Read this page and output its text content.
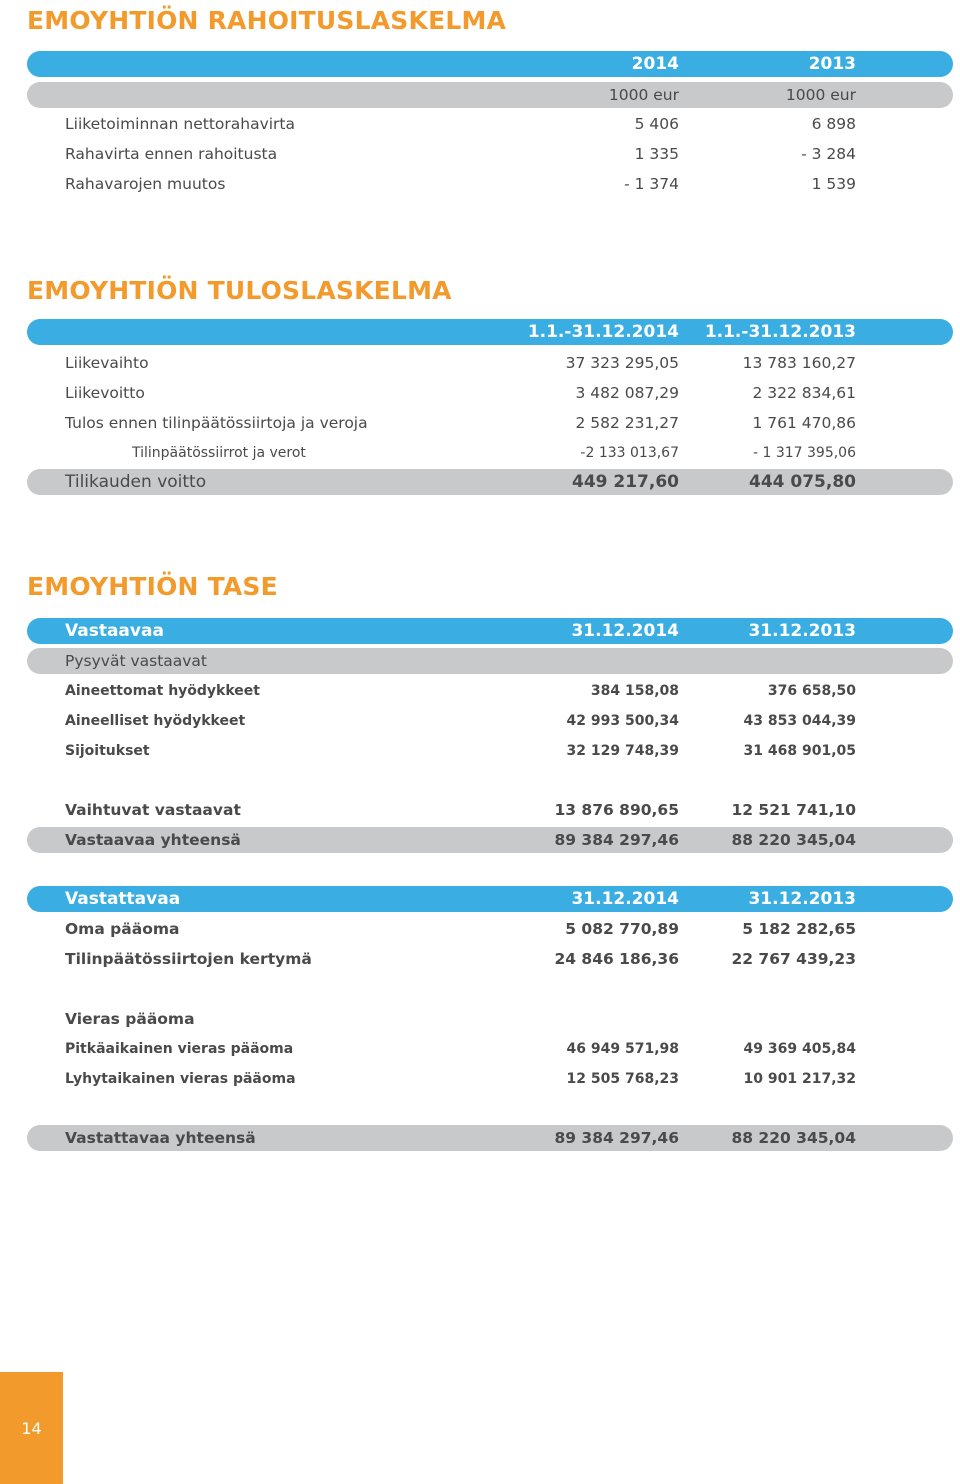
EMOYHTIÖN RAHOITUSLASKELMA
2014	2013
1000 eur	1000 eur
Liiketoiminnan nettorahavirta	5 406	6 898
Rahavirta ennen rahoitusta	1 335	- 3 284
Rahavarojen muutos	- 1 374	1 539
EMOYHTIÖN TULOSLASKELMA
1.1.-31.12.2014 1.1.-31.12.2013
Liikevaihto	37 323 295,05	13 783 160,27
Liikevoitto	3 482 087,29	2 322 834,61
Tulos ennen tilinpäätössiirtoja ja veroja	2 582 231,27	1 761 470,86
Tilinpäätössiirrot ja verot	-2 133 013,67	- 1 317 395,06
Tilikauden voitto	449 217,60	444 075,80
EMOYHTIÖN TASE
Vastaavaa	31.12.2014	31.12.2013
Pysyvät vastaavat
Aineettomat hyödykkeet	384 158,08	376 658,50
Aineelliset hyödykkeet	42 993 500,34	43 853 044,39
Sijoitukset	32 129 748,39	31 468 901,05
Vaihtuvat vastaavat	13 876 890,65	12 521 741,10
Vastaavaa yhteensä	89 384 297,46	88 220 345,04
Vastattavaa	31.12.2014	31.12.2013
Oma pääoma	5 082 770,89	5 182 282,65
Tilinpäätössiirtojen kertymä	24 846 186,36	22 767 439,23
Vieras pääoma
Pitkäaikainen vieras pääoma	46 949 571,98	49 369 405,84
Lyhytaikainen vieras pääoma	12 505 768,23	10 901 217,32
Vastattavaa yhteensä	89 384 297,46	88 220 345,04
14
